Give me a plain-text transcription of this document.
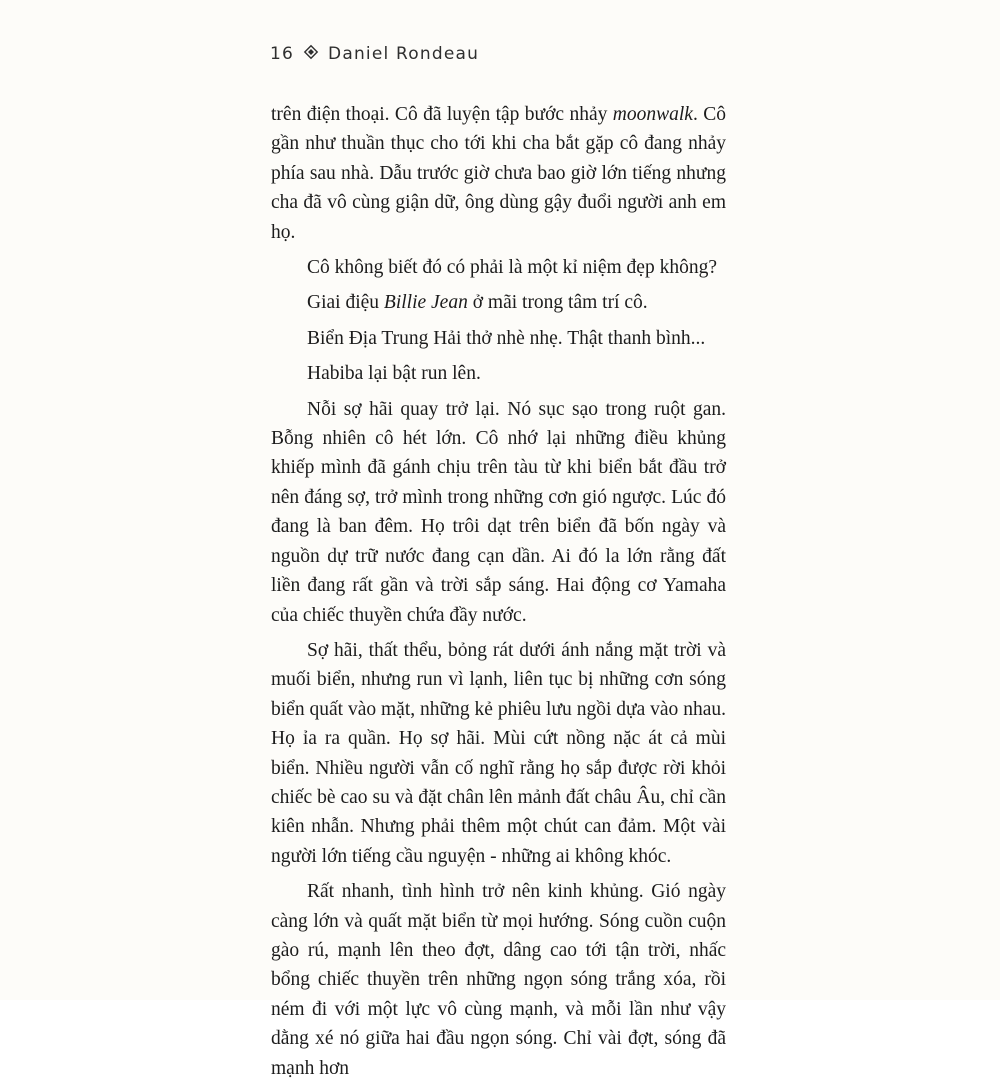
16 Daniel Rondeau

trên điện thoại. Cô đã luyện tập bước nhảy moonwalk. Cô gần như thuần thục cho tới khi cha bắt gặp cô đang nhảy phía sau nhà. Dẫu trước giờ chưa bao giờ lớn tiếng nhưng cha đã vô cùng giận dữ, ông dùng gậy đuổi người anh em họ.

Cô không biết đó có phải là một kỉ niệm đẹp không?

Giai điệu Billie Jean ở mãi trong tâm trí cô.

Biển Địa Trung Hải thở nhè nhẹ. Thật thanh bình...

Habiba lại bật run lên.

Nỗi sợ hãi quay trở lại. Nó sục sạo trong ruột gan. Bỗng nhiên cô hét lớn. Cô nhớ lại những điều khủng khiếp mình đã gánh chịu trên tàu từ khi biển bắt đầu trở nên đáng sợ, trở mình trong những cơn gió ngược. Lúc đó đang là ban đêm. Họ trôi dạt trên biển đã bốn ngày và nguồn dự trữ nước đang cạn dần. Ai đó la lớn rằng đất liền đang rất gần và trời sắp sáng. Hai động cơ Yamaha của chiếc thuyền chứa đầy nước.

Sợ hãi, thất thểu, bỏng rát dưới ánh nắng mặt trời và muối biển, nhưng run vì lạnh, liên tục bị những cơn sóng biển quất vào mặt, những kẻ phiêu lưu ngồi dựa vào nhau. Họ ỉa ra quần. Họ sợ hãi. Mùi cứt nồng nặc át cả mùi biển. Nhiều người vẫn cố nghĩ rằng họ sắp được rời khỏi chiếc bè cao su và đặt chân lên mảnh đất châu Âu, chỉ cần kiên nhẫn. Nhưng phải thêm một chút can đảm. Một vài người lớn tiếng cầu nguyện - những ai không khóc.

Rất nhanh, tình hình trở nên kinh khủng. Gió ngày càng lớn và quất mặt biển từ mọi hướng. Sóng cuồn cuộn gào rú, mạnh lên theo đợt, dâng cao tới tận trời, nhấc bổng chiếc thuyền trên những ngọn sóng trắng xóa, rồi ném đi với một lực vô cùng mạnh, và mỗi lần như vậy dằng xé nó giữa hai đầu ngọn sóng. Chỉ vài đợt, sóng đã mạnh hơn
